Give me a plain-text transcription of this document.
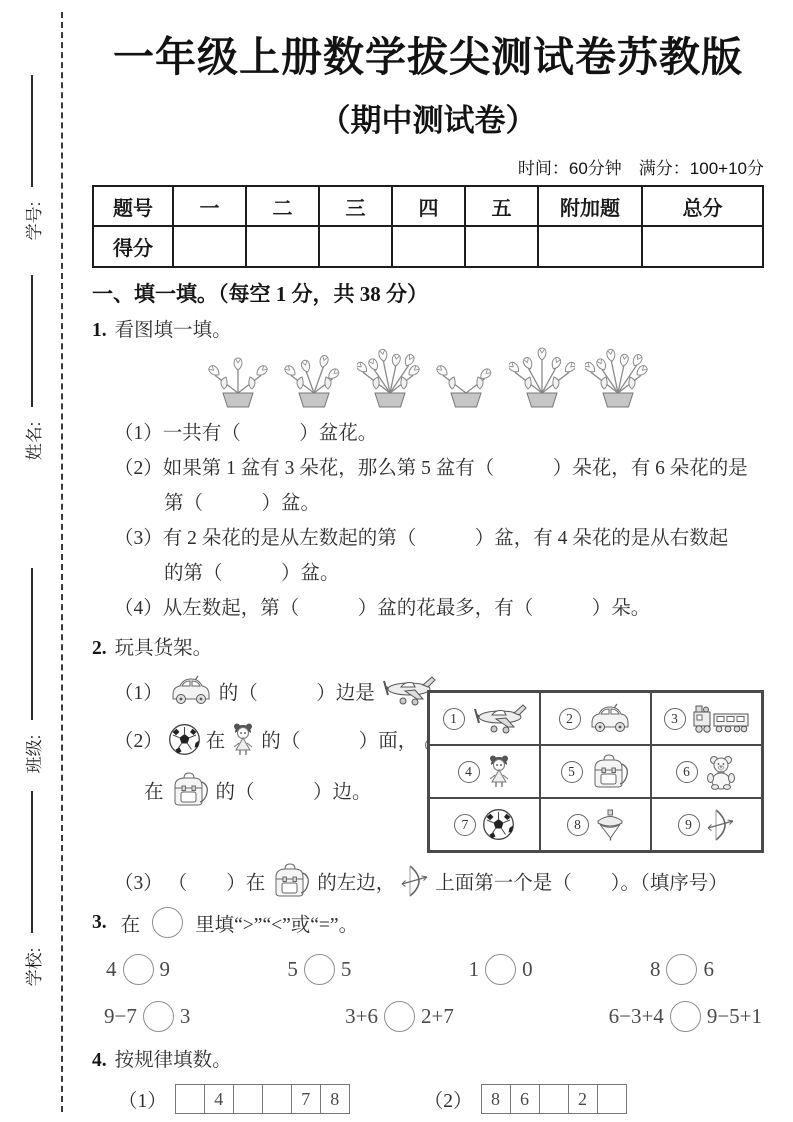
学号:
姓名:
班级:
学校:
一年级上册数学拔尖测试卷苏教版
（期中测试卷）
时间：60分钟　满分：100+10分
题号	一	二	三	四	五	附加题	总分
得分							
一、填一填。（每空 1 分，共 38 分）
1. 看图填一填。
（1）一共有（　　　）盆花。
（2）如果第 1 盆有 3 朵花，那么第 5 盆有（　　　）朵花，有 6 朵花的是
第（　　　）盆。
（3）有 2 朵花的是从左数起的第（　　　）盆，有 4 朵花的是从右数起
的第（　　　）盆。
（4）从左数起，第（　　　）盆的花最多，有（　　　）朵。
2. 玩具货架。
（1）	的（　　　）边是
（2） 在 的（　　　）面，
在	的（　　　）边。
1	2	3
4	5	6
7	8	9
（3） （　　）在	的左边， 上面第一个是（　　）。（填序号）
3. 在	里填“>”“<”或“=”。
4 9	5 5	1 0	8 6
9−7 3	3+6 2+7	6−3+4 9−5+1
4. 按规律填数。
（1）	4	7	8	（2）	8	6	2
